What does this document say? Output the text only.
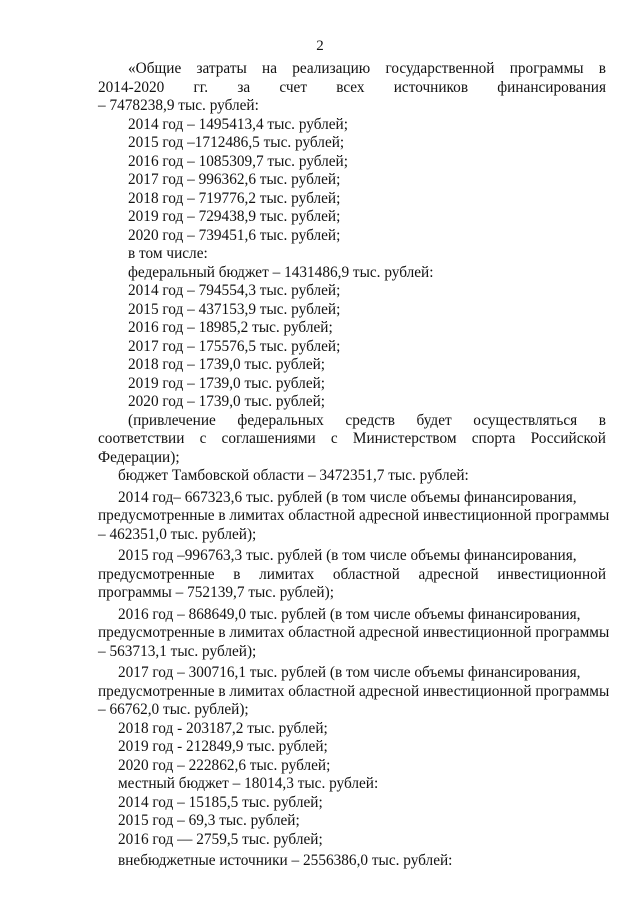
2
«Общие затраты на реализацию государственной программы в
2014-2020 гг. за счет всех источников финансирования
– 7478238,9 тыс. рублей:
2014 год – 1495413,4 тыс. рублей;
2015 год –1712486,5 тыс. рублей;
2016 год – 1085309,7 тыс. рублей;
2017 год – 996362,6 тыс. рублей;
2018 год – 719776,2 тыс. рублей;
2019 год – 729438,9 тыс. рублей;
2020 год – 739451,6 тыс. рублей;
в том числе:
федеральный бюджет – 1431486,9 тыс. рублей:
2014 год – 794554,3 тыс. рублей;
2015 год – 437153,9 тыс. рублей;
2016 год – 18985,2 тыс. рублей;
2017 год – 175576,5 тыс. рублей;
2018 год – 1739,0 тыс. рублей;
2019 год – 1739,0 тыс. рублей;
2020 год – 1739,0 тыс. рублей;
(привлечение федеральных средств будет осуществляться в
соответствии с соглашениями с Министерством спорта Российской
Федерации);
бюджет Тамбовской области – 3472351,7 тыс. рублей:
2014 год– 667323,6 тыс. рублей (в том числе объемы финансирования,
предусмотренные в лимитах областной адресной инвестиционной программы
– 462351,0 тыс. рублей);
2015 год –996763,3 тыс. рублей (в том числе объемы финансирования,
предусмотренные в лимитах областной адресной инвестиционной
программы – 752139,7 тыс. рублей);
2016 год – 868649,0 тыс. рублей (в том числе объемы финансирования,
предусмотренные в лимитах областной адресной инвестиционной программы
– 563713,1 тыс. рублей);
2017 год – 300716,1 тыс. рублей (в том числе объемы финансирования,
предусмотренные в лимитах областной адресной инвестиционной программы
– 66762,0 тыс. рублей);
2018 год - 203187,2 тыс. рублей;
2019 год - 212849,9 тыс. рублей;
2020 год – 222862,6 тыс. рублей;
местный бюджет – 18014,3 тыс. рублей:
2014 год – 15185,5 тыс. рублей;
2015 год – 69,3 тыс. рублей;
2016 год — 2759,5 тыс. рублей;
внебюджетные источники – 2556386,0 тыс. рублей:
